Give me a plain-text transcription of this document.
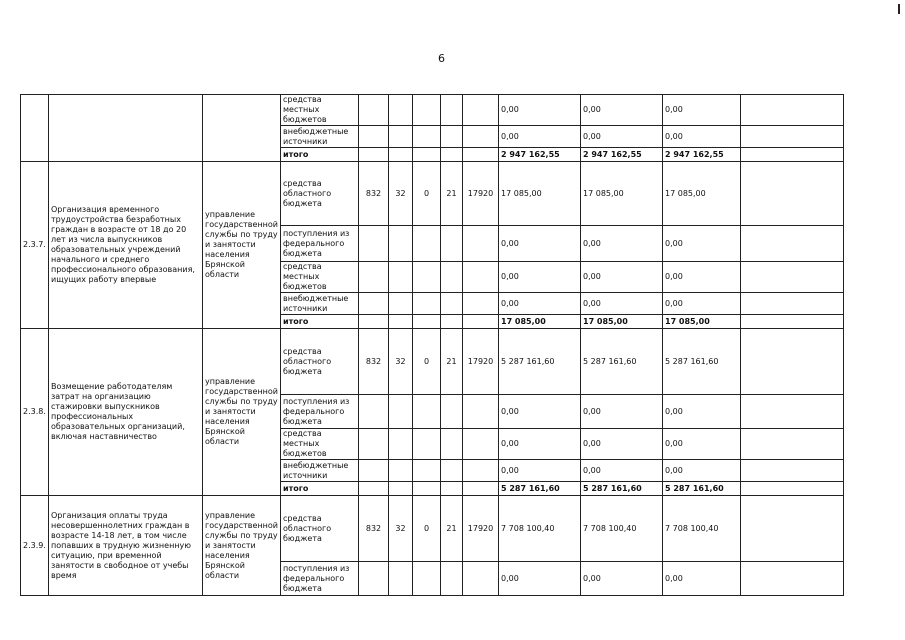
6
			средства местных бюджетов						0,00	0,00	0,00	
			внебюджетные источники						0,00	0,00	0,00	
			итого						2 947 162,55	2 947 162,55	2 947 162,55	
2.3.7.	Организация временного трудоустройства безработных граждан в возрасте от 18 до 20 лет из числа выпускников образовательных учреждений начального и среднего профессионального образования, ищущих работу впервые	управление государственной службы по труду и занятости населения Брянской области	средства областного бюджета	832	32	0	21	17920	17 085,00	17 085,00	17 085,00	
			поступления из федерального бюджета						0,00	0,00	0,00	
			средства местных бюджетов						0,00	0,00	0,00	
			внебюджетные источники						0,00	0,00	0,00	
			итого						17 085,00	17 085,00	17 085,00	
2.3.8.	Возмещение работодателям затрат на организацию стажировки выпускников профессиональных образовательных организаций, включая наставничество	управление государственной службы по труду и занятости населения Брянской области	средства областного бюджета	832	32	0	21	17920	5 287 161,60	5 287 161,60	5 287 161,60	
			поступления из федерального бюджета						0,00	0,00	0,00	
			средства местных бюджетов						0,00	0,00	0,00	
			внебюджетные источники						0,00	0,00	0,00	
			итого						5 287 161,60	5 287 161,60	5 287 161,60	
2.3.9.	Организация оплаты труда несовершеннолетних граждан в возрасте 14-18 лет, в том числе попавших в трудную жизненную ситуацию, при временной занятости в свободное от учебы время	управление государственной службы по труду и занятости населения Брянской области	средства областного бюджета	832	32	0	21	17920	7 708 100,40	7 708 100,40	7 708 100,40	
			поступления из федерального бюджета						0,00	0,00	0,00	
